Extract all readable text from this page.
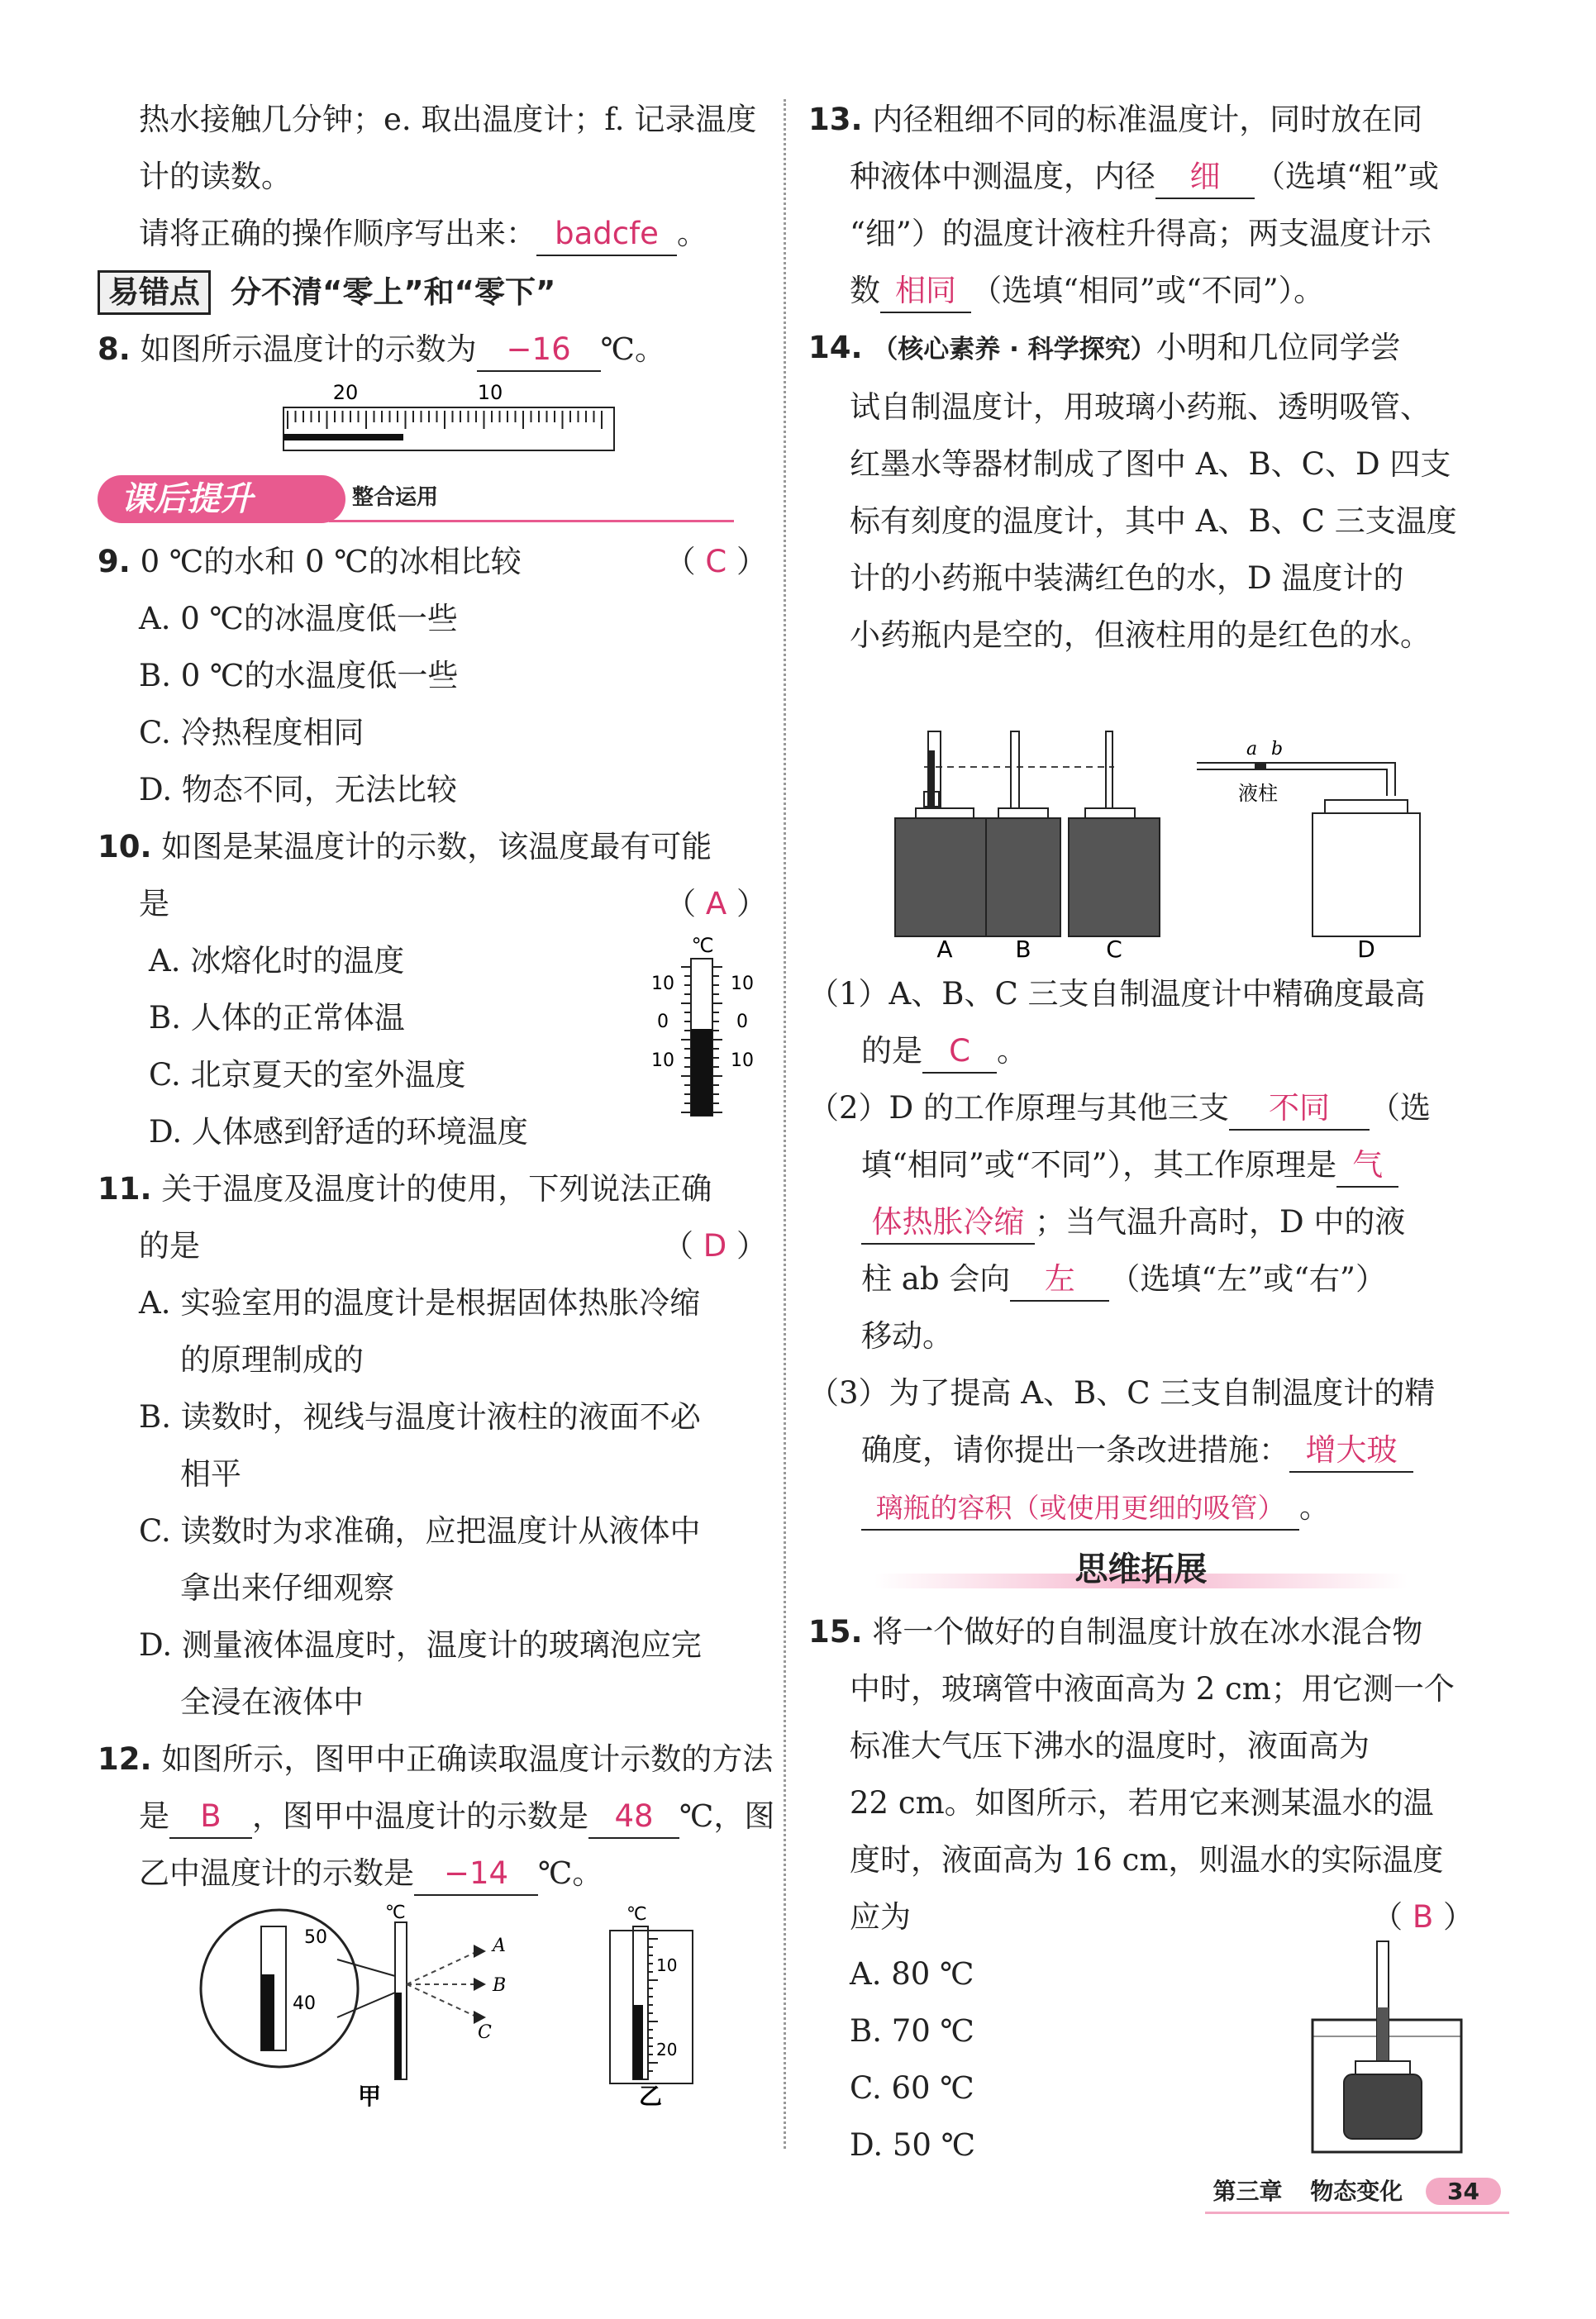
热水接触几分钟；e. 取出温度计；f. 记录温度

计的读数。

请将正确的操作顺序写出来： badcfe 。

易错点 分不清“零上”和“零下”

8. 如图所示温度计的示数为 −16 ℃。

20	10
课后提升	整合运用

9. 0 ℃的水和 0 ℃的冰相比较	（ C ）

A. 0 ℃的冰温度低一些

B. 0 ℃的水温度低一些

C. 冷热程度相同

D. 物态不同，无法比较

10. 如图是某温度计的示数，该温度最有可能

是	（ A ）

A. 冰熔化时的温度

B. 人体的正常体温

C. 北京夏天的室外温度

D. 人体感到舒适的环境温度

℃
10	10
0	0
10	10

11. 关于温度及温度计的使用，下列说法正确

的是	（ D ）

A. 实验室用的温度计是根据固体热胀冷缩

的原理制成的

B. 读数时，视线与温度计液柱的液面不必

相平

C. 读数时为求准确，应把温度计从液体中

拿出来仔细观察

D. 测量液体温度时，温度计的玻璃泡应完

全浸在液体中

12. 如图所示，图甲中正确读取温度计示数的方法

是 B ，图甲中温度计的示数是 48 ℃，图

乙中温度计的示数是 −14 ℃。

50
40
℃
A
B
C
甲
℃
10
20
乙

13. 内径粗细不同的标准温度计，同时放在同

种液体中测温度，内径 细 （选填“粗”或

“细”）的温度计液柱升得高；两支温度计示

数 相同 （选填“相同”或“不同”）。

14. （核心素养 · 科学探究）小明和几位同学尝

试自制温度计，用玻璃小药瓶、透明吸管、

红墨水等器材制成了图中 A、B、C、D 四支

标有刻度的温度计，其中 A、B、C 三支温度

计的小药瓶中装满红色的水，D 温度计的

小药瓶内是空的，但液柱用的是红色的水。

a b
液柱
A	B	C	D

（1）A、B、C 三支自制温度计中精确度最高

的是 C 。

（2）D 的工作原理与其他三支 不同 （选

填“相同”或“不同”），其工作原理是 气

体热胀冷缩 ；当气温升高时，D 中的液

柱 ab 会向 左 （选填“左”或“右”）

移动。

（3）为了提高 A、B、C 三支自制温度计的精

确度，请你提出一条改进措施： 增大玻

璃瓶的容积（或使用更细的吸管） 。

思维拓展

15. 将一个做好的自制温度计放在冰水混合物

中时，玻璃管中液面高为 2 cm；用它测一个

标准大气压下沸水的温度时，液面高为

22 cm。如图所示，若用它来测某温水的温

度时，液面高为 16 cm，则温水的实际温度

应为	（ B ）

A. 80 ℃

B. 70 ℃

C. 60 ℃

D. 50 ℃

第三章 物态变化 34
